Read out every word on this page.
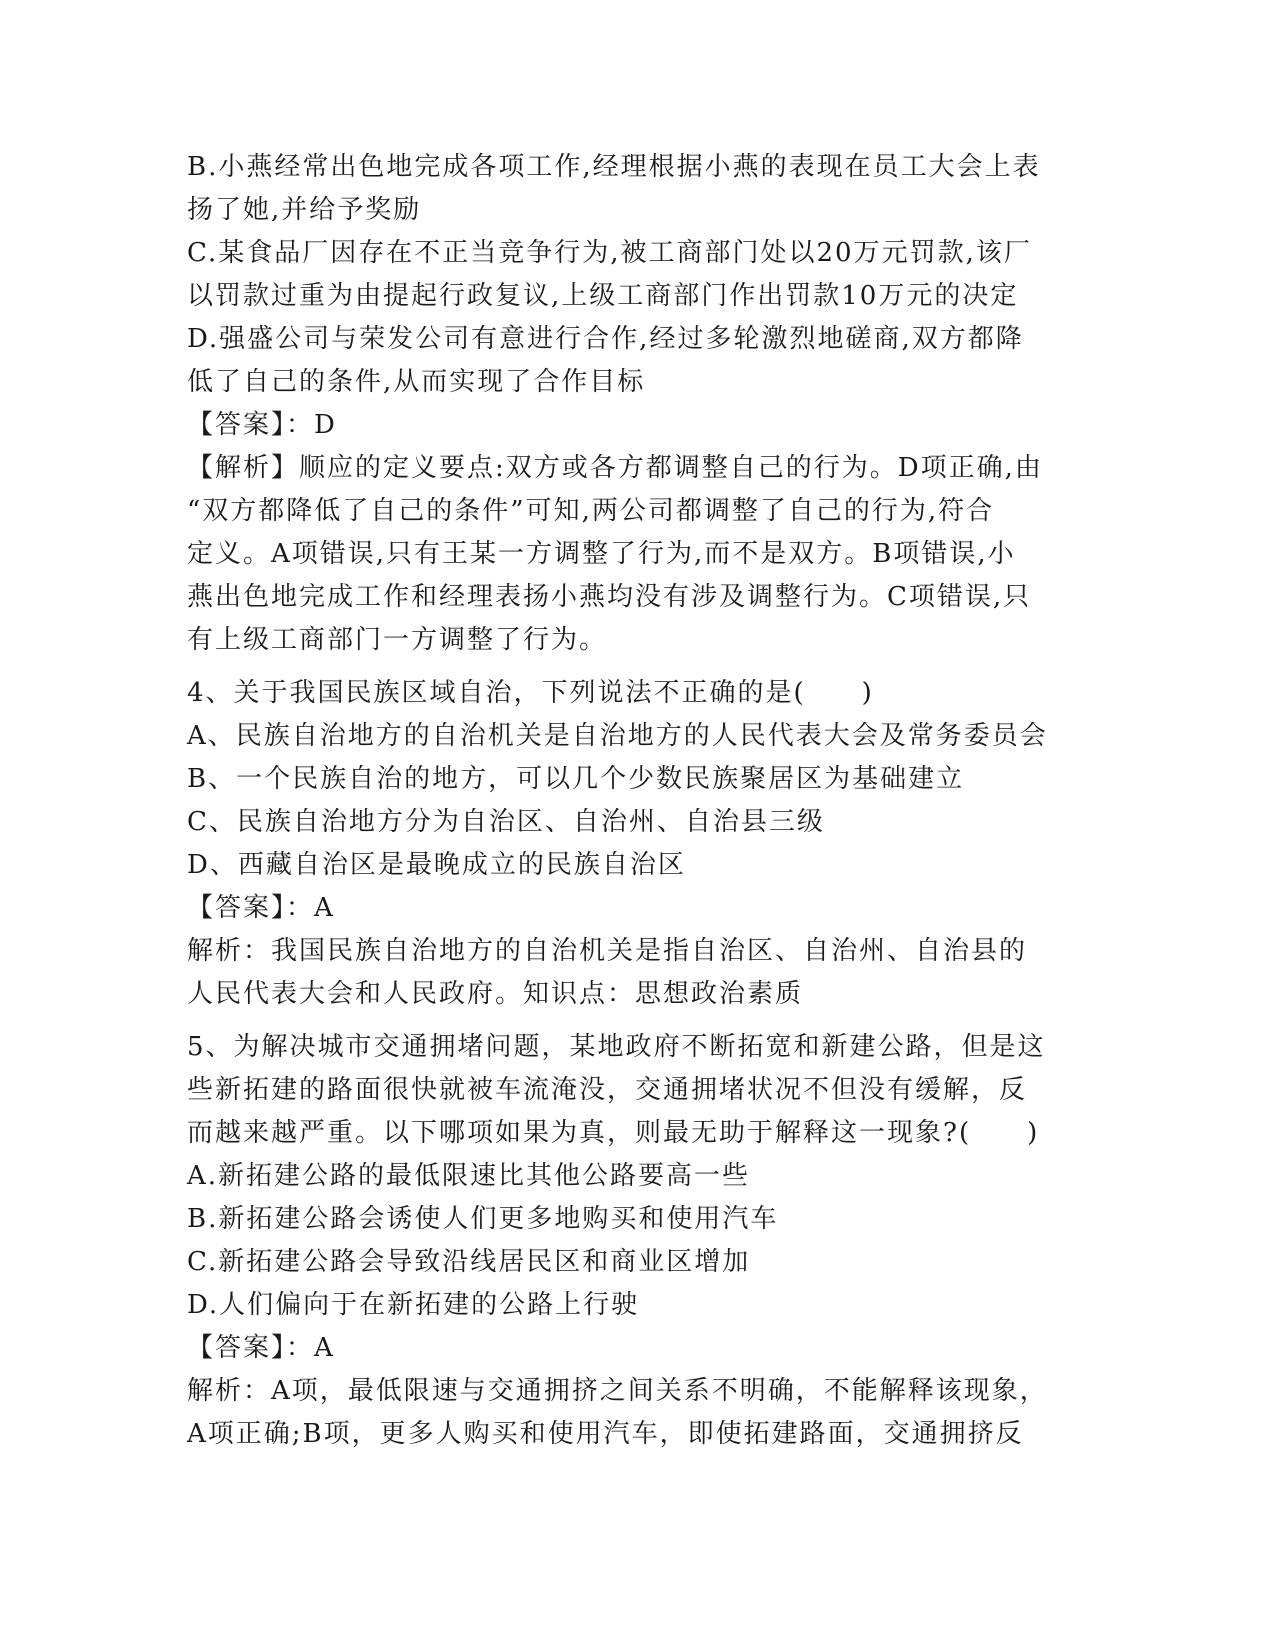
B.小燕经常出色地完成各项工作,经理根据小燕的表现在员工大会上表
扬了她,并给予奖励
C.某食品厂因存在不正当竞争行为,被工商部门处以20万元罚款,该厂
以罚款过重为由提起行政复议,上级工商部门作出罚款10万元的决定
D.强盛公司与荣发公司有意进行合作,经过多轮激烈地磋商,双方都降
低了自己的条件,从而实现了合作目标
【答案】：D
【解析】顺应的定义要点:双方或各方都调整自己的行为。D项正确,由
“双方都降低了自己的条件”可知,两公司都调整了自己的行为,符合
定义。A项错误,只有王某一方调整了行为,而不是双方。B项错误,小
燕出色地完成工作和经理表扬小燕均没有涉及调整行为。C项错误,只
有上级工商部门一方调整了行为。
4、关于我国民族区域自治，下列说法不正确的是(　　)
A、民族自治地方的自治机关是自治地方的人民代表大会及常务委员会
B、一个民族自治的地方，可以几个少数民族聚居区为基础建立
C、民族自治地方分为自治区、自治州、自治县三级
D、西藏自治区是最晚成立的民族自治区
【答案】：A
解析：我国民族自治地方的自治机关是指自治区、自治州、自治县的
人民代表大会和人民政府。知识点：思想政治素质
5、为解决城市交通拥堵问题，某地政府不断拓宽和新建公路，但是这
些新拓建的路面很快就被车流淹没，交通拥堵状况不但没有缓解，反
而越来越严重。以下哪项如果为真，则最无助于解释这一现象?(　　)
A.新拓建公路的最低限速比其他公路要高一些
B.新拓建公路会诱使人们更多地购买和使用汽车
C.新拓建公路会导致沿线居民区和商业区增加
D.人们偏向于在新拓建的公路上行驶
【答案】：A
解析：A项，最低限速与交通拥挤之间关系不明确，不能解释该现象，
A项正确;B项，更多人购买和使用汽车，即使拓建路面，交通拥挤反
